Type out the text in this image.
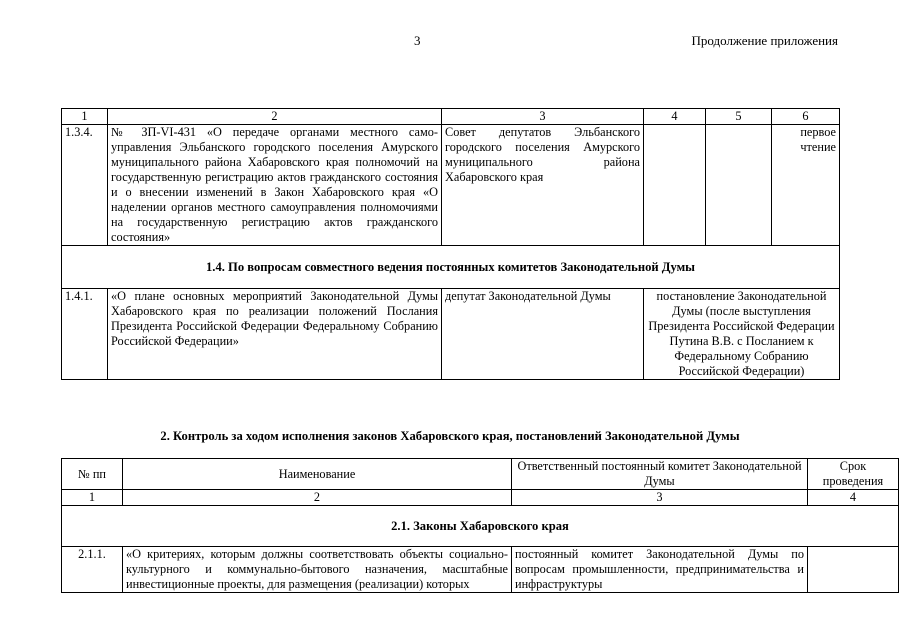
3	Продолжение приложения
1	2	3	4	5	6
1.3.4.	№ ЗП-VI-431 «О передаче органами местного само-управления Эльбанского городского поселения Амурского муниципального района Хабаровского края полномочий на государственную регистрацию актов гражданского состояния и о внесении изменений в Закон Хабаровского края «О наделении органов местного самоуправления полномочиями на государственную регистрацию актов гражданского состояния»	Совет депутатов Эльбанского городского поселения Амурского муниципального района Хабаровского края			первое чтение
1.4. По вопросам совместного ведения постоянных комитетов Законодательной Думы					
1.4.1.	«О плане основных мероприятий Законодательной Думы Хабаровского края по реализации положений Послания Президента Российской Федерации Федеральному Собранию Российской Федерации»	депутат Законодательной Думы	постановление Законодательной Думы (после выступления Президента Российской Федерации Путина В.В. с Посланием к Федеральному Собранию Российской Федерации)		
2. Контроль за ходом исполнения законов Хабаровского края, постановлений Законодательной Думы
№ пп	Наименование	Ответственный постоянный комитет Законодательной Думы	Срок проведения
1	2	3	4
2.1. Законы Хабаровского края			
2.1.1.	«О критериях, которым должны соответствовать объекты социально-культурного и коммунально-бытового назначения, масштабные инвестиционные проекты, для размещения (реализации) которых	постоянный комитет Законодательной Думы по вопросам промышленности, предпринимательства и инфраструктуры	
